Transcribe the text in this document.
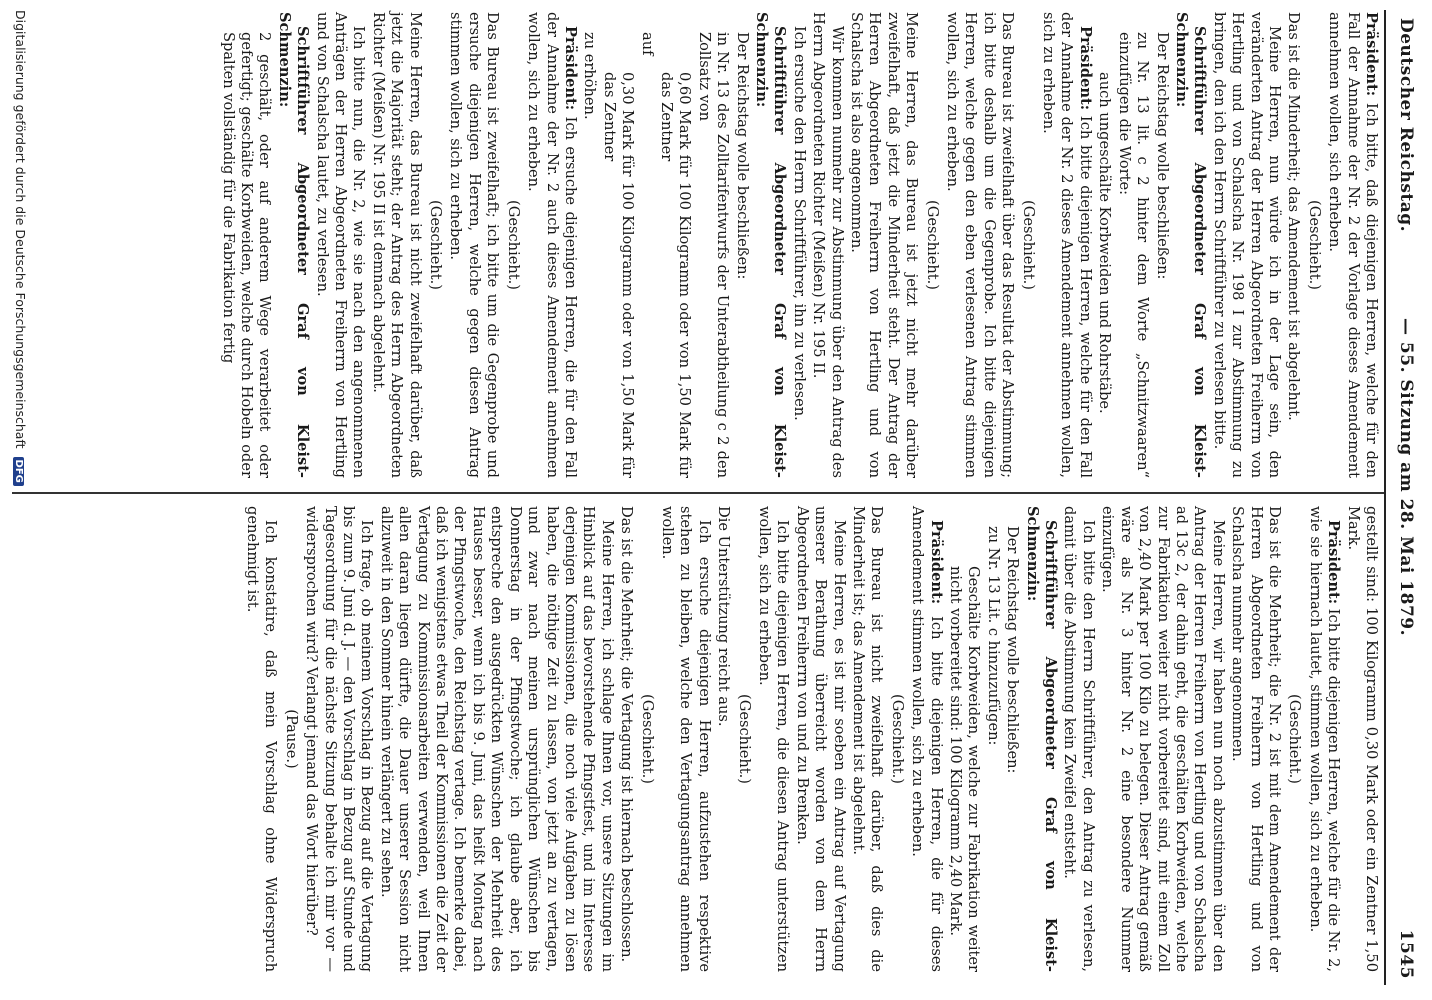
Deutscher Reichstag.
— 55. Sitzung am 28. Mai 1879.
1545

Präsident: Ich bitte, daß diejenigen Herren, welche für den Fall der Annahme der Nr. 2 der Vorlage dieses Amendement annehmen wollen, sich erheben.

(Geschieht.)

Das ist die Minderheit; das Amendement ist abgelehnt.

Meine Herren, nun würde ich in der Lage sein, den veränderten Antrag der Herren Abgeordneten Freiherrn von Hertling und von Schalscha Nr. 198 I zur Abstimmung zu bringen, den ich den Herrn Schriftführer zu verlesen bitte.

Schriftführer Abgeordneter Graf von Kleist-Schmenzin:

Der Reichstag wolle beschließen:

zu Nr. 13 lit. c 2 hinter dem Worte „Schnitzwaaren“ einzufügen die Worte:

auch ungeschälte Korbweiden und Rohrstäbe.

Präsident: Ich bitte diejenigen Herren, welche für den Fall der Annahme der Nr. 2 dieses Amendement annehmen wollen, sich zu erheben.

(Geschieht.)

Das Bureau ist zweifelhaft über das Resultat der Abstimmung; ich bitte deshalb um die Gegenprobe. Ich bitte diejenigen Herren, welche gegen den eben verlesenen Antrag stimmen wollen, sich zu erheben.

(Geschieht.)

Meine Herren, das Bureau ist jetzt nicht mehr darüber zweifelhaft, daß jetzt die Minderheit steht. Der Antrag der Herren Abgeordneten Freiherrn von Hertling und von Schalscha ist also angenommen.

Wir kommen nunmehr zur Abstimmung über den Antrag des Herrn Abgeordneten Richter (Meißen) Nr. 195 II.

Ich ersuche den Herrn Schriftführer, ihn zu verlesen.

Schriftführer Abgeordneter Graf von Kleist-Schmenzin:

Der Reichstag wolle beschließen:

in Nr. 13 des Zolltarifentwurfs der Unterabtheilung c 2 den Zollsatz von

0,60 Mark für 100 Kilogramm oder von 1,50 Mark für das Zentner

auf

0,30 Mark für 100 Kilogramm oder von 1,50 Mark für das Zentner

zu erhöhen.

Präsident: Ich ersuche diejenigen Herren, die für den Fall der Annahme der Nr. 2 auch dieses Amendement annehmen wollen, sich zu erheben.

(Geschieht.)

Das Bureau ist zweifelhaft; ich bitte um die Gegenprobe und ersuche diejenigen Herren, welche gegen diesen Antrag stimmen wollen, sich zu erheben.

(Geschieht.)

Meine Herren, das Bureau ist nicht zweifelhaft darüber, daß jetzt die Majorität steht; der Antrag des Herrn Abgeordneten Richter (Meißen) Nr. 195 II ist demnach abgelehnt.

Ich bitte nun, die Nr. 2, wie sie nach den angenommenen Anträgen der Herren Abgeordneten Freiherrn von Hertling und von Schalscha lautet, zu verlesen.

Schriftführer Abgeordneter Graf von Kleist-Schmenzin:

2 geschält, oder auf anderem Wege verarbeitet oder gefertigt; geschälte Korbweiden, welche durch Hobeln oder Spalten vollständig für die Fabrikation fertig

gestellt sind: 100 Kilogramm 0,30 Mark oder ein Zentner 1,50 Mark.

Präsident: Ich bitte diejenigen Herren, welche für die Nr. 2, wie sie hiernach lautet, stimmen wollen, sich zu erheben.

(Geschieht.)

Das ist die Mehrheit; die Nr. 2 ist mit dem Amendement der Herren Abgeordneten Freiherrn von Hertling und von Schalscha nunmehr angenommen.

Meine Herren, wir haben nun noch abzustimmen über den Antrag der Herren Freiherrn von Hertling und von Schalscha ad 13c 2, der dahin geht, die geschälten Korbweiden, welche zur Fabrikation weiter nicht vorbereitet sind, mit einem Zoll von 2,40 Mark per 100 Kilo zu belegen. Dieser Antrag gemäß wäre als Nr. 3 hinter Nr. 2 eine besondere Nummer einzufügen.

Ich bitte den Herrn Schriftführer, den Antrag zu verlesen, damit über die Abstimmung kein Zweifel entsteht.

Schriftführer Abgeordneter Graf von Kleist-Schmenzin:

Der Reichstag wolle beschließen:

zu Nr. 13 Lit. c hinzuzufügen:

Geschälte Korbweiden, welche zur Fabrikation weiter nicht vorbereitet sind: 100 Kilogramm 2,40 Mark.

Präsident: Ich bitte diejenigen Herren, die für dieses Amendement stimmen wollen, sich zu erheben.

(Geschieht.)

Das Bureau ist nicht zweifelhaft darüber, daß dies die Minderheit ist; das Amendement ist abgelehnt.

Meine Herren, es ist mir soeben ein Antrag auf Vertagung unserer Berathung überreicht worden von dem Herrn Abgeordneten Freiherrn von und zu Brenken.

Ich bitte diejenigen Herren, die diesen Antrag unterstützen wollen, sich zu erheben.

(Geschieht.)

Die Unterstützung reicht aus.

Ich ersuche diejenigen Herren, aufzustehen respektive stehen zu bleiben, welche den Vertagungsantrag annehmen wollen.

(Geschieht.)

Das ist die Mehrheit; die Vertagung ist hiernach beschlossen.

Meine Herren, ich schlage Ihnen vor, unsere Sitzungen im Hinblick auf das bevorstehende Pfingstfest, und im Interesse derjenigen Kommissionen, die noch viele Aufgaben zu lösen haben, die nöthige Zeit zu lassen, von jetzt an zu vertagen, und zwar nach meinen ursprünglichen Wünschen bis Donnerstag in der Pfingstwoche; ich glaube aber, ich entspreche den ausgedrückten Wünschen der Mehrheit des Hauses besser, wenn ich bis 9. Juni, das heißt Montag nach der Pfingstwoche, den Reichstag vertage. Ich bemerke dabei, daß ich wenigstens etwas Theil der Kommissionen die Zeit der Vertagung zu Kommissionsarbeiten verwenden, weil Ihnen allen daran liegen dürfte, die Dauer unserer Session nicht allzuweit in den Sommer hinein verlängert zu sehen.

Ich frage, ob meinem Vorschlag in Bezug auf die Vertagung bis zum 9. Juni d. J. — den Vorschlag in Bezug auf Stunde und Tagesordnung für die nächste Sitzung behalte ich mir vor — widersprochen wird? Verlangt jemand das Wort hierüber?

(Pause.)

Ich konstatire, daß mein Vorschlag ohne Widerspruch genehmigt ist.

Digitalisierung gefördert durch die Deutsche Forschungsgemeinschaft DFG
